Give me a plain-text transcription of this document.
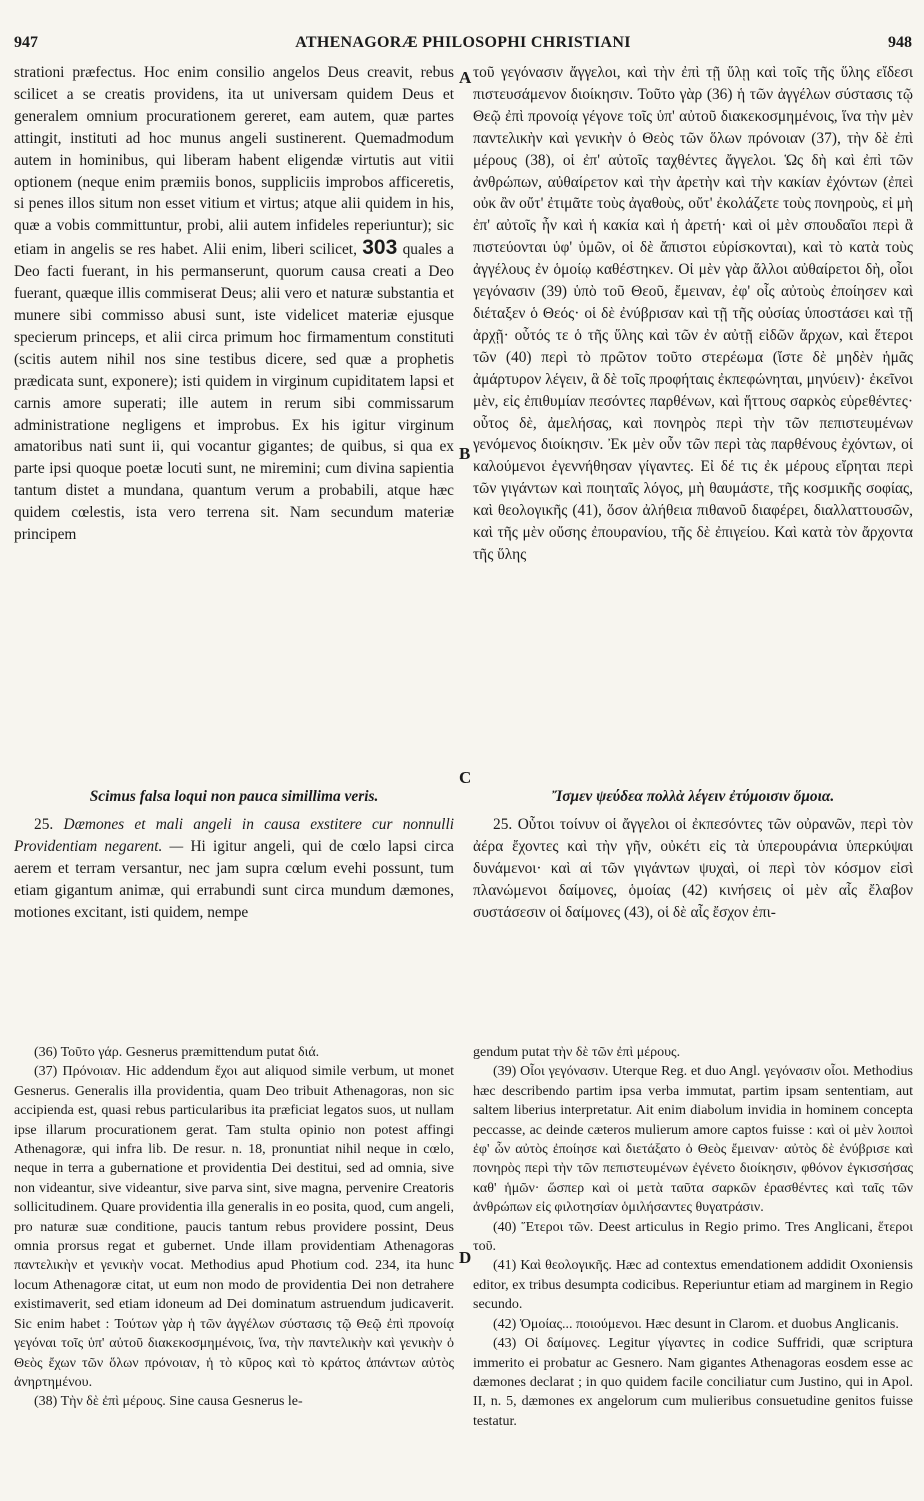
947	ATHENAGORÆ PHILOSOPHI CHRISTIANI	948
A
B
C
D

strationi præfectus. Hoc enim consilio angelos Deus creavit, rebus scilicet a se creatis providens, ita ut universam quidem Deus et generalem omnium procurationem gereret, eam autem, quæ partes attingit, instituti ad hoc munus angeli sustinerent. Quemadmodum autem in hominibus, qui liberam habent eligendæ virtutis aut vitii optionem (neque enim præmiis bonos, suppliciis improbos afficeretis, si penes illos situm non esset vitium et virtus; atque alii quidem in his, quæ a vobis committuntur, probi, alii autem infideles reperiuntur); sic etiam in angelis se res habet. Alii enim, liberi scilicet, 303 quales a Deo facti fuerant, in his permanserunt, quorum causa creati a Deo fuerant, quæque illis commiserat Deus; alii vero et naturæ substantia et munere sibi commisso abusi sunt, iste videlicet materiæ ejusque specierum princeps, et alii circa primum hoc firmamentum constituti (scitis autem nihil nos sine testibus dicere, sed quæ a prophetis prædicata sunt, exponere); isti quidem in virginum cupiditatem lapsi et carnis amore superati; ille autem in rerum sibi commissarum administratione negligens et improbus. Ex his igitur virginum amatoribus nati sunt ii, qui vocantur gigantes; de quibus, si qua ex parte ipsi quoque poetæ locuti sunt, ne miremini; cum divina sapientia tantum distet a mundana, quantum verum a probabili, atque hæc quidem cœlestis, ista vero terrena sit. Nam secundum materiæ principem

τοῦ γεγόνασιν ἄγγελοι, καὶ τὴν ἐπὶ τῇ ὕλῃ καὶ τοῖς τῆς ὕλης εἴδεσι πιστευσάμενον διοίκησιν. Τοῦτο γὰρ (36) ἡ τῶν ἀγγέλων σύστασις τῷ Θεῷ ἐπὶ προνοίᾳ γέγονε τοῖς ὑπ' αὐτοῦ διακεκοσμημένοις, ἵνα τὴν μὲν παντελικὴν καὶ γενικὴν ὁ Θεὸς τῶν ὅλων πρόνοιαν (37), τὴν δὲ ἐπὶ μέρους (38), οἱ ἐπ' αὐτοῖς ταχθέντες ἄγγελοι. Ὡς δὴ καὶ ἐπὶ τῶν ἀνθρώπων, αὐθαίρετον καὶ τὴν ἀρετὴν καὶ τὴν κακίαν ἐχόντων (ἐπεὶ οὐκ ἂν οὔτ' ἐτιμᾶτε τοὺς ἀγαθοὺς, οὔτ' ἐκολάζετε τοὺς πονηροὺς, εἰ μὴ ἐπ' αὐτοῖς ἦν καὶ ἡ κακία καὶ ἡ ἀρετή· καὶ οἱ μὲν σπουδαῖοι περὶ ἃ πιστεύονται ὑφ' ὑμῶν, οἱ δὲ ἄπιστοι εὑρίσκονται), καὶ τὸ κατὰ τοὺς ἀγγέλους ἐν ὁμοίῳ καθέστηκεν. Οἱ μὲν γὰρ ἄλλοι αὐθαίρετοι δὴ, οἷοι γεγόνασιν (39) ὑπὸ τοῦ Θεοῦ, ἔμειναν, ἐφ' οἷς αὐτοὺς ἐποίησεν καὶ διέταξεν ὁ Θεός· οἱ δὲ ἐνύβρισαν καὶ τῇ τῆς οὐσίας ὑποστάσει καὶ τῇ ἀρχῇ· οὗτός τε ὁ τῆς ὕλης καὶ τῶν ἐν αὐτῇ εἰδῶν ἄρχων, καὶ ἕτεροι τῶν (40) περὶ τὸ πρῶτον τοῦτο στερέωμα (ἴστε δὲ μηδὲν ἡμᾶς ἀμάρτυρον λέγειν, ἃ δὲ τοῖς προφήταις ἐκπεφώνηται, μηνύειν)· ἐκεῖνοι μὲν, εἰς ἐπιθυμίαν πεσόντες παρθένων, καὶ ἥττους σαρκὸς εὑρεθέντες· οὗτος δὲ, ἀμελήσας, καὶ πονηρὸς περὶ τὴν τῶν πεπιστευμένων γενόμενος διοίκησιν. Ἐκ μὲν οὖν τῶν περὶ τὰς παρθένους ἐχόντων, οἱ καλούμενοι ἐγεννήθησαν γίγαντες. Εἰ δέ τις ἐκ μέρους εἴρηται περὶ τῶν γιγάντων καὶ ποιηταῖς λόγος, μὴ θαυμάστε, τῆς κοσμικῆς σοφίας, καὶ θεολογικῆς (41), ὅσον ἀλήθεια πιθανοῦ διαφέρει, διαλλαττουσῶν, καὶ τῆς μὲν οὔσης ἐπουρανίου, τῆς δὲ ἐπιγείου. Καὶ κατὰ τὸν ἄρχοντα τῆς ὕλης

Scimus falsa loqui non pauca simillima veris.

25. Dæmones et mali angeli in causa exstitere cur nonnulli Providentiam negarent. — Hi igitur angeli, qui de cœlo lapsi circa aerem et terram versantur, nec jam supra cœlum evehi possunt, tum etiam gigantum animæ, qui errabundi sunt circa mundum dæmones, motiones excitant, isti quidem, nempe

Ἴσμεν ψεύδεα πολλὰ λέγειν ἐτύμοισιν ὅμοια.

25. Οὗτοι τοίνυν οἱ ἄγγελοι οἱ ἐκπεσόντες τῶν οὐρανῶν, περὶ τὸν ἀέρα ἔχοντες καὶ τὴν γῆν, οὐκέτι εἰς τὰ ὑπερουράνια ὑπερκύψαι δυνάμενοι· καὶ αἱ τῶν γιγάντων ψυχαὶ, οἱ περὶ τὸν κόσμον εἰσὶ πλανώμενοι δαίμονες, ὁμοίας (42) κινήσεις οἱ μὲν αἷς ἔλαβον συστάσεσιν οἱ δαίμονες (43), οἱ δὲ αἷς ἔσχον ἐπι-

(36) Τοῦτο γάρ. Gesnerus præmittendum putat διά.

(37) Πρόνοιαν. Hic addendum ἔχοι aut aliquod simile verbum, ut monet Gesnerus. Generalis illa providentia, quam Deo tribuit Athenagoras, non sic accipienda est, quasi rebus particularibus ita præficiat legatos suos, ut nullam ipse illarum procurationem gerat. Tam stulta opinio non potest affingi Athenagoræ, qui infra lib. De resur. n. 18, pronuntiat nihil neque in cœlo, neque in terra a gubernatione et providentia Dei destitui, sed ad omnia, sive non videantur, sive videantur, sive parva sint, sive magna, pervenire Creatoris sollicitudinem. Quare providentia illa generalis in eo posita, quod, cum angeli, pro naturæ suæ conditione, paucis tantum rebus providere possint, Deus omnia prorsus regat et gubernet. Unde illam providentiam Athenagoras παντελικὴν et γενικὴν vocat. Methodius apud Photium cod. 234, ita hunc locum Athenagoræ citat, ut eum non modo de providentia Dei non detrahere existimaverit, sed etiam idoneum ad Dei dominatum astruendum judicaverit. Sic enim habet : Τούτων γὰρ ἡ τῶν ἀγγέλων σύστασις τῷ Θεῷ ἐπὶ προνοίᾳ γεγόναι τοῖς ὑπ' αὐτοῦ διακεκοσμημένοις, ἵνα, τὴν παντελικὴν καὶ γενικὴν ὁ Θεὸς ἔχων τῶν ὅλων πρόνοιαν, ἡ τὸ κῦρος καὶ τὸ κράτος ἁπάντων αὐτὸς ἀνηρτημένου.

(38) Τὴν δὲ ἐπὶ μέρους. Sine causa Gesnerus le-

gendum putat τὴν δὲ τῶν ἐπὶ μέρους.

(39) Οἷοι γεγόνασιν. Uterque Reg. et duo Angl. γεγόνασιν οἷοι. Methodius hæc describendo partim ipsa verba immutat, partim ipsam sententiam, aut saltem liberius interpretatur. Ait enim diabolum invidia in hominem concepta peccasse, ac deinde cæteros mulierum amore captos fuisse : καὶ οἱ μὲν λοιποὶ ἐφ' ὧν αὐτὸς ἐποίησε καὶ διετάξατο ὁ Θεὸς ἔμειναν· αὐτὸς δὲ ἐνύβρισε καὶ πονηρὸς περὶ τὴν τῶν πεπιστευμένων ἐγένετο διοίκησιν, φθόνον ἐγκισσήσας καθ' ἡμῶν· ὥσπερ καὶ οἱ μετὰ ταῦτα σαρκῶν ἐρασθέντες καὶ ταῖς τῶν ἀνθρώπων εἰς φιλοτησίαν ὁμιλήσαντες θυγατράσιν.

(40) Ἕτεροι τῶν. Deest articulus in Regio primo. Tres Anglicani, ἕτεροι τοῦ.

(41) Καὶ θεολογικῆς. Hæc ad contextus emendationem addidit Oxoniensis editor, ex tribus desumpta codicibus. Reperiuntur etiam ad marginem in Regio secundo.

(42) Ὁμοίας... ποιούμενοι. Hæc desunt in Clarom. et duobus Anglicanis.

(43) Οἱ δαίμονες. Legitur γίγαντες in codice Suffridi, quæ scriptura immerito ei probatur ac Gesnero. Nam gigantes Athenagoras eosdem esse ac dæmones declarat ; in quo quidem facile conciliatur cum Justino, qui in Apol. II, n. 5, dæmones ex angelorum cum mulieribus consuetudine genitos fuisse testatur.
